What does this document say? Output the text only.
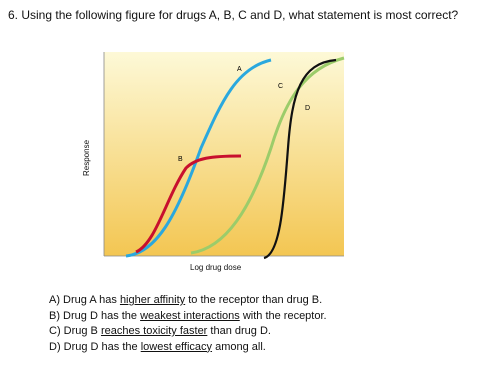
6. Using the following figure for drugs A, B, C and D, what statement is most correct?
A
B
C
D
Response
Log drug dose
A) Drug A has higher affinity to the receptor than drug B.
B) Drug D has the weakest interactions with the receptor.
C) Drug B reaches toxicity faster than drug D.
D) Drug D has the lowest efficacy among all.
